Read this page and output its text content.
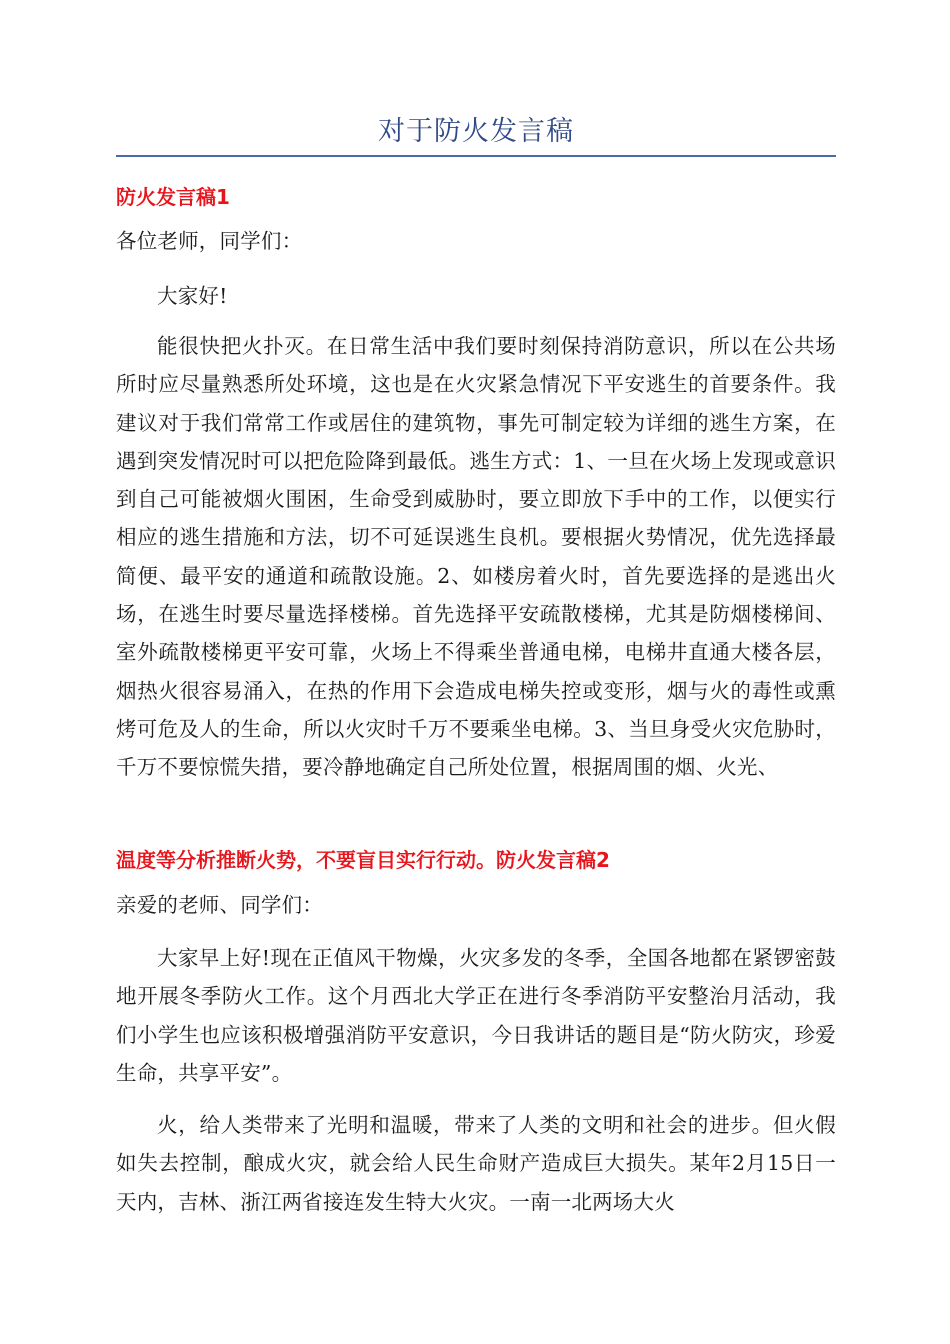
对于防火发言稿
防火发言稿1

各位老师，同学们：

大家好!

能很快把火扑灭。在日常生活中我们要时刻保持消防意识，所以在公共场所时应尽量熟悉所处环境，这也是在火灾紧急情况下平安逃生的首要条件。我建议对于我们常常工作或居住的建筑物，事先可制定较为详细的逃生方案，在遇到突发情况时可以把危险降到最低。逃生方式：1、一旦在火场上发现或意识到自己可能被烟火围困，生命受到威胁时，要立即放下手中的工作，以便实行相应的逃生措施和方法，切不可延误逃生良机。要根据火势情况，优先选择最简便、最平安的通道和疏散设施。2、如楼房着火时，首先要选择的是逃出火场，在逃生时要尽量选择楼梯。首先选择平安疏散楼梯，尤其是防烟楼梯间、室外疏散楼梯更平安可靠，火场上不得乘坐普通电梯，电梯井直通大楼各层，烟热火很容易涌入，在热的作用下会造成电梯失控或变形，烟与火的毒性或熏烤可危及人的生命，所以火灾时千万不要乘坐电梯。3、当旦身受火灾危胁时，千万不要惊慌失措，要冷静地确定自己所处位置，根据周围的烟、火光、

温度等分析推断火势，不要盲目实行行动。防火发言稿2

亲爱的老师、同学们：

大家早上好!现在正值风干物燥，火灾多发的冬季，全国各地都在紧锣密鼓地开展冬季防火工作。这个月西北大学正在进行冬季消防平安整治月活动，我们小学生也应该积极增强消防平安意识，今日我讲话的题目是“防火防灾，珍爱生命，共享平安”。

火，给人类带来了光明和温暖，带来了人类的文明和社会的进步。但火假如失去控制，酿成火灾，就会给人民生命财产造成巨大损失。某年2月15日一天内，吉林、浙江两省接连发生特大火灾。一南一北两场大火
